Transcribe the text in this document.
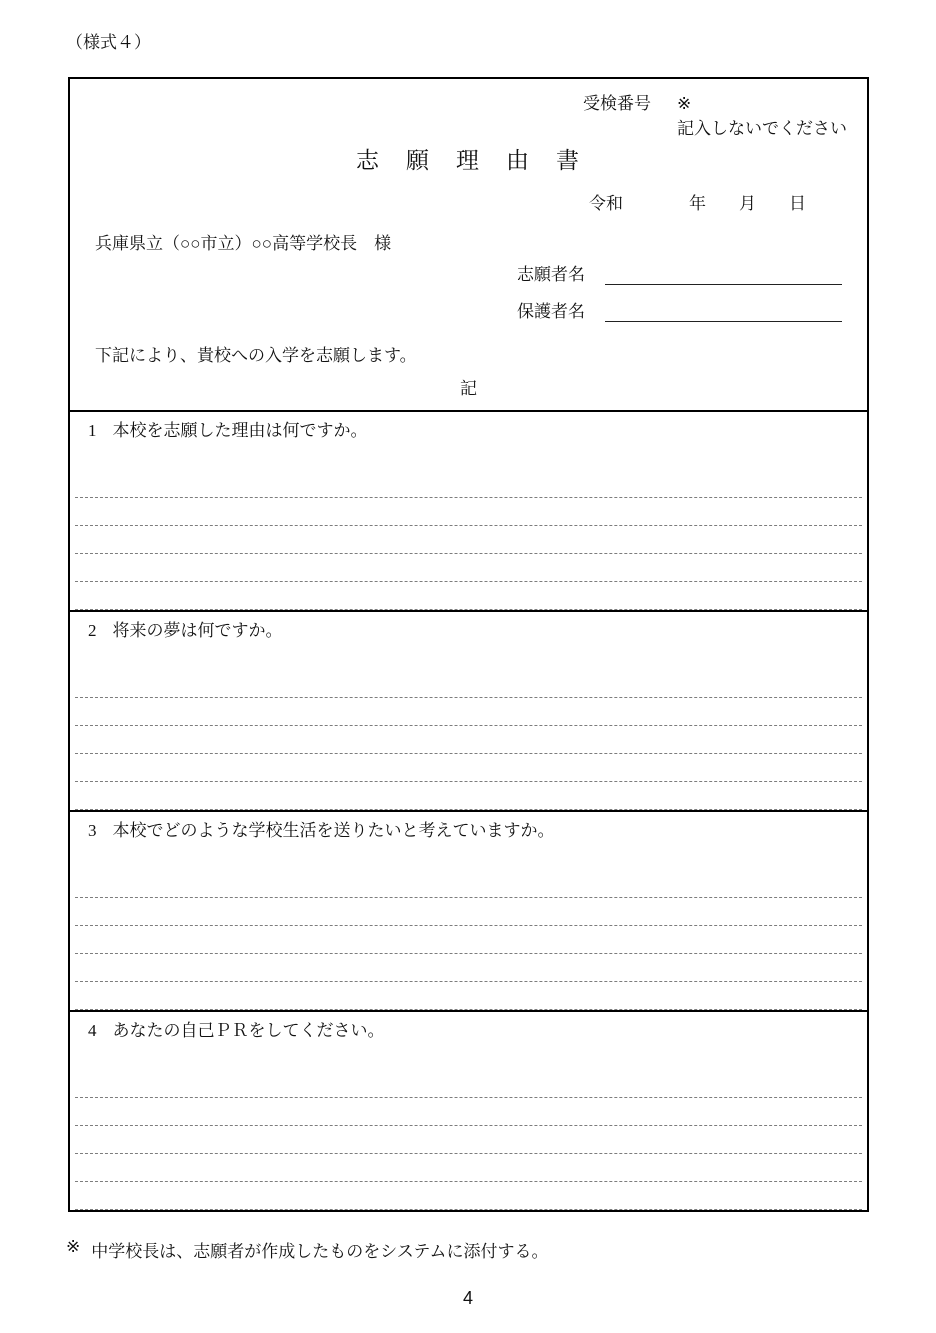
（様式４）
受検番号 ※
記入しないでください
志　願　理　由　書
令和	年 月 日
兵庫県立（○○市立）○○高等学校長　様
志願者名
保護者名
下記により、貴校への入学を志願します。
記
1 本校を志願した理由は何ですか。
2 将来の夢は何ですか。
3 本校でどのような学校生活を送りたいと考えていますか。
4 あなたの自己ＰＲをしてください。
※ 中学校長は、志願者が作成したものをシステムに添付する。
4
